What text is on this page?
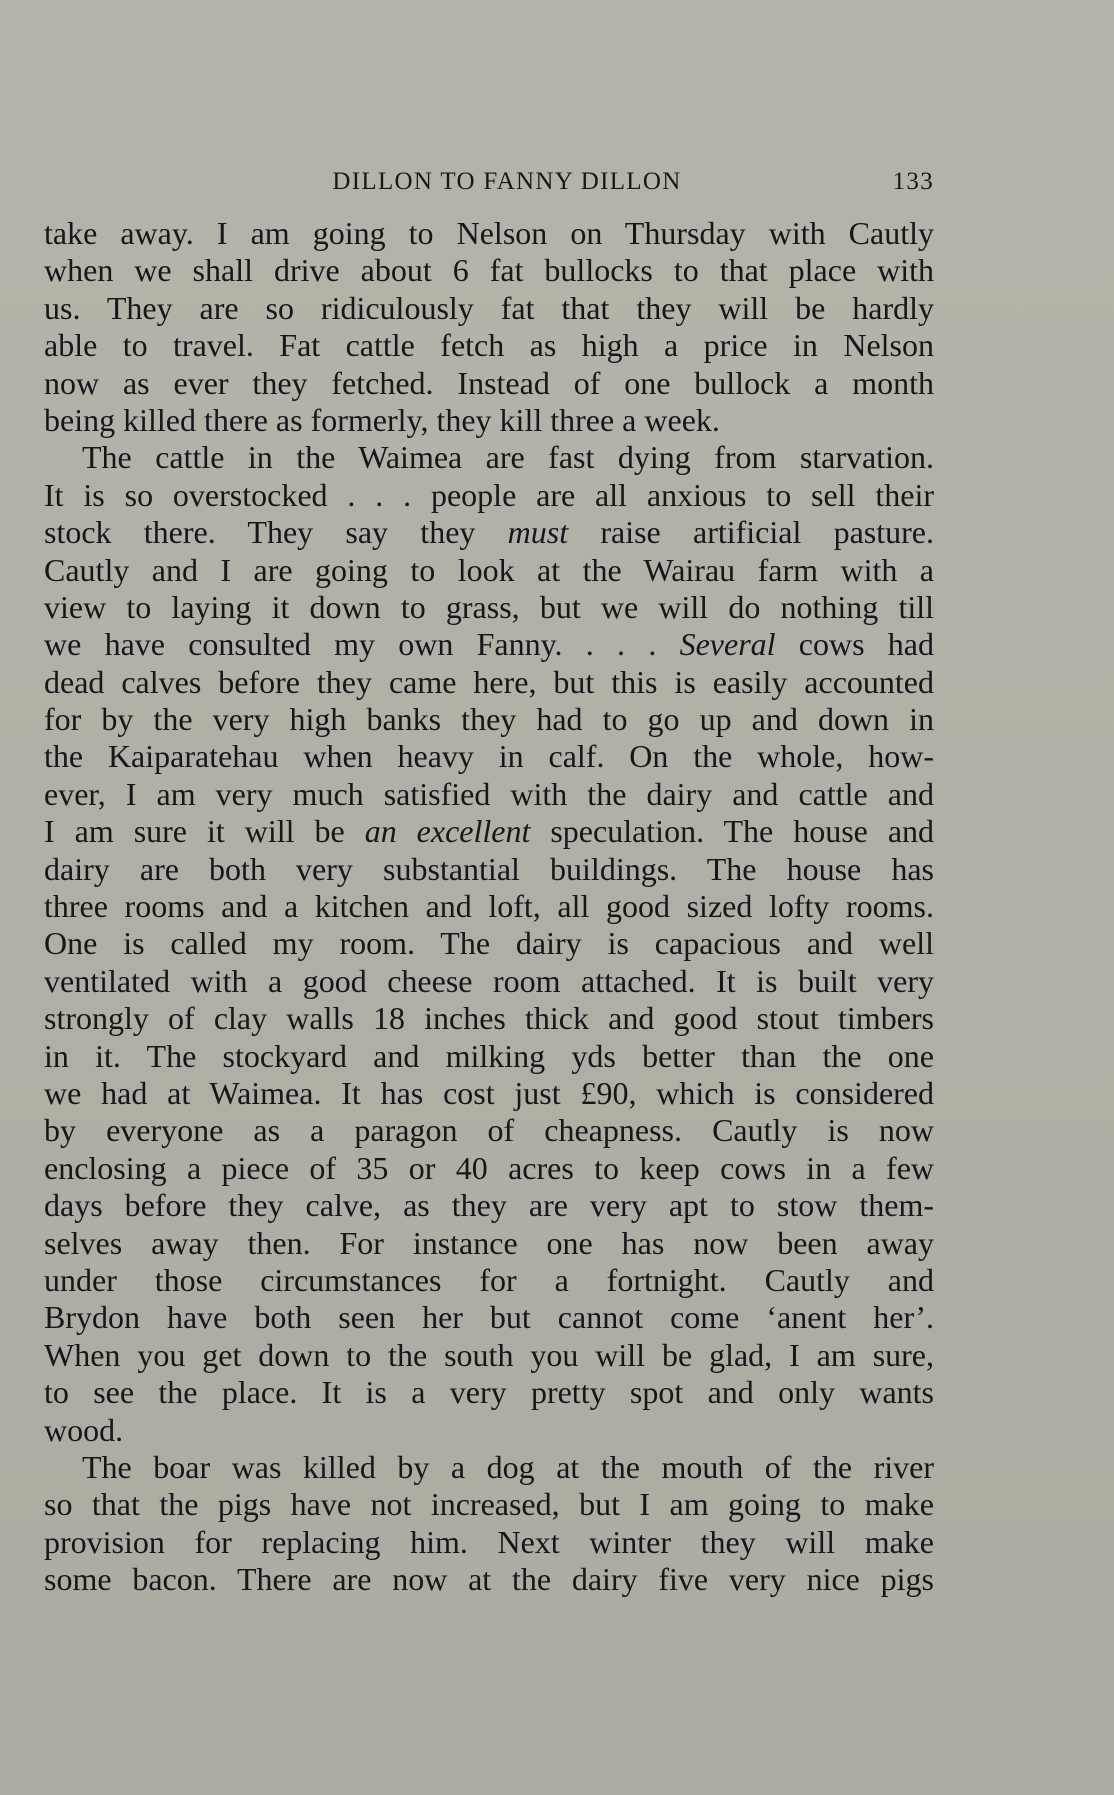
DILLON TO FANNY DILLON	133
take away. I am going to Nelson on Thursday with Cautly
when we shall drive about 6 fat bullocks to that place with
us. They are so ridiculously fat that they will be hardly
able to travel. Fat cattle fetch as high a price in Nelson
now as ever they fetched. Instead of one bullock a month
being killed there as formerly, they kill three a week.
The cattle in the Waimea are fast dying from starvation.
It is so overstocked . . . people are all anxious to sell their
stock there. They say they must raise artificial pasture.
Cautly and I are going to look at the Wairau farm with a
view to laying it down to grass, but we will do nothing till
we have consulted my own Fanny. . . . Several cows had
dead calves before they came here, but this is easily accounted
for by the very high banks they had to go up and down in
the Kaiparatehau when heavy in calf. On the whole, how-
ever, I am very much satisfied with the dairy and cattle and
I am sure it will be an excellent speculation. The house and
dairy are both very substantial buildings. The house has
three rooms and a kitchen and loft, all good sized lofty rooms.
One is called my room. The dairy is capacious and well
ventilated with a good cheese room attached. It is built very
strongly of clay walls 18 inches thick and good stout timbers
in it. The stockyard and milking yds better than the one
we had at Waimea. It has cost just £90, which is considered
by everyone as a paragon of cheapness. Cautly is now
enclosing a piece of 35 or 40 acres to keep cows in a few
days before they calve, as they are very apt to stow them-
selves away then. For instance one has now been away
under those circumstances for a fortnight. Cautly and
Brydon have both seen her but cannot come ‘anent her’.
When you get down to the south you will be glad, I am sure,
to see the place. It is a very pretty spot and only wants
wood.
The boar was killed by a dog at the mouth of the river
so that the pigs have not increased, but I am going to make
provision for replacing him. Next winter they will make
some bacon. There are now at the dairy five very nice pigs
